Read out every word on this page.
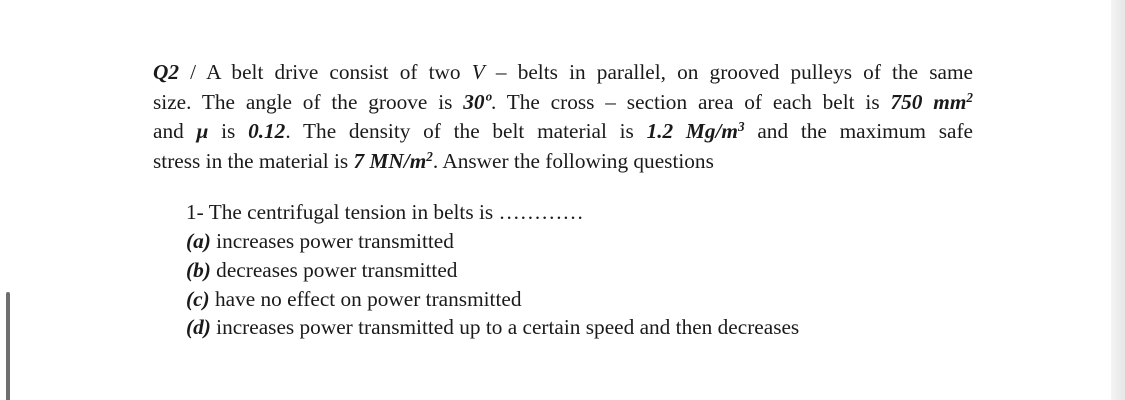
Q2 / A belt drive consist of two V – belts in parallel, on grooved pulleys of the same
size. The angle of the groove is 30º. The cross – section area of each belt is 750 $mm^2$
and μ is 0.12. The density of the belt material is 1.2 $Mg/m^3$ and the maximum safe
stress in the material is 7 $MN/m^2$. Answer the following questions
1- The centrifugal tension in belts is …………
(a) increases power transmitted
(b) decreases power transmitted
(c) have no effect on power transmitted
(d) increases power transmitted up to a certain speed and then decreases
